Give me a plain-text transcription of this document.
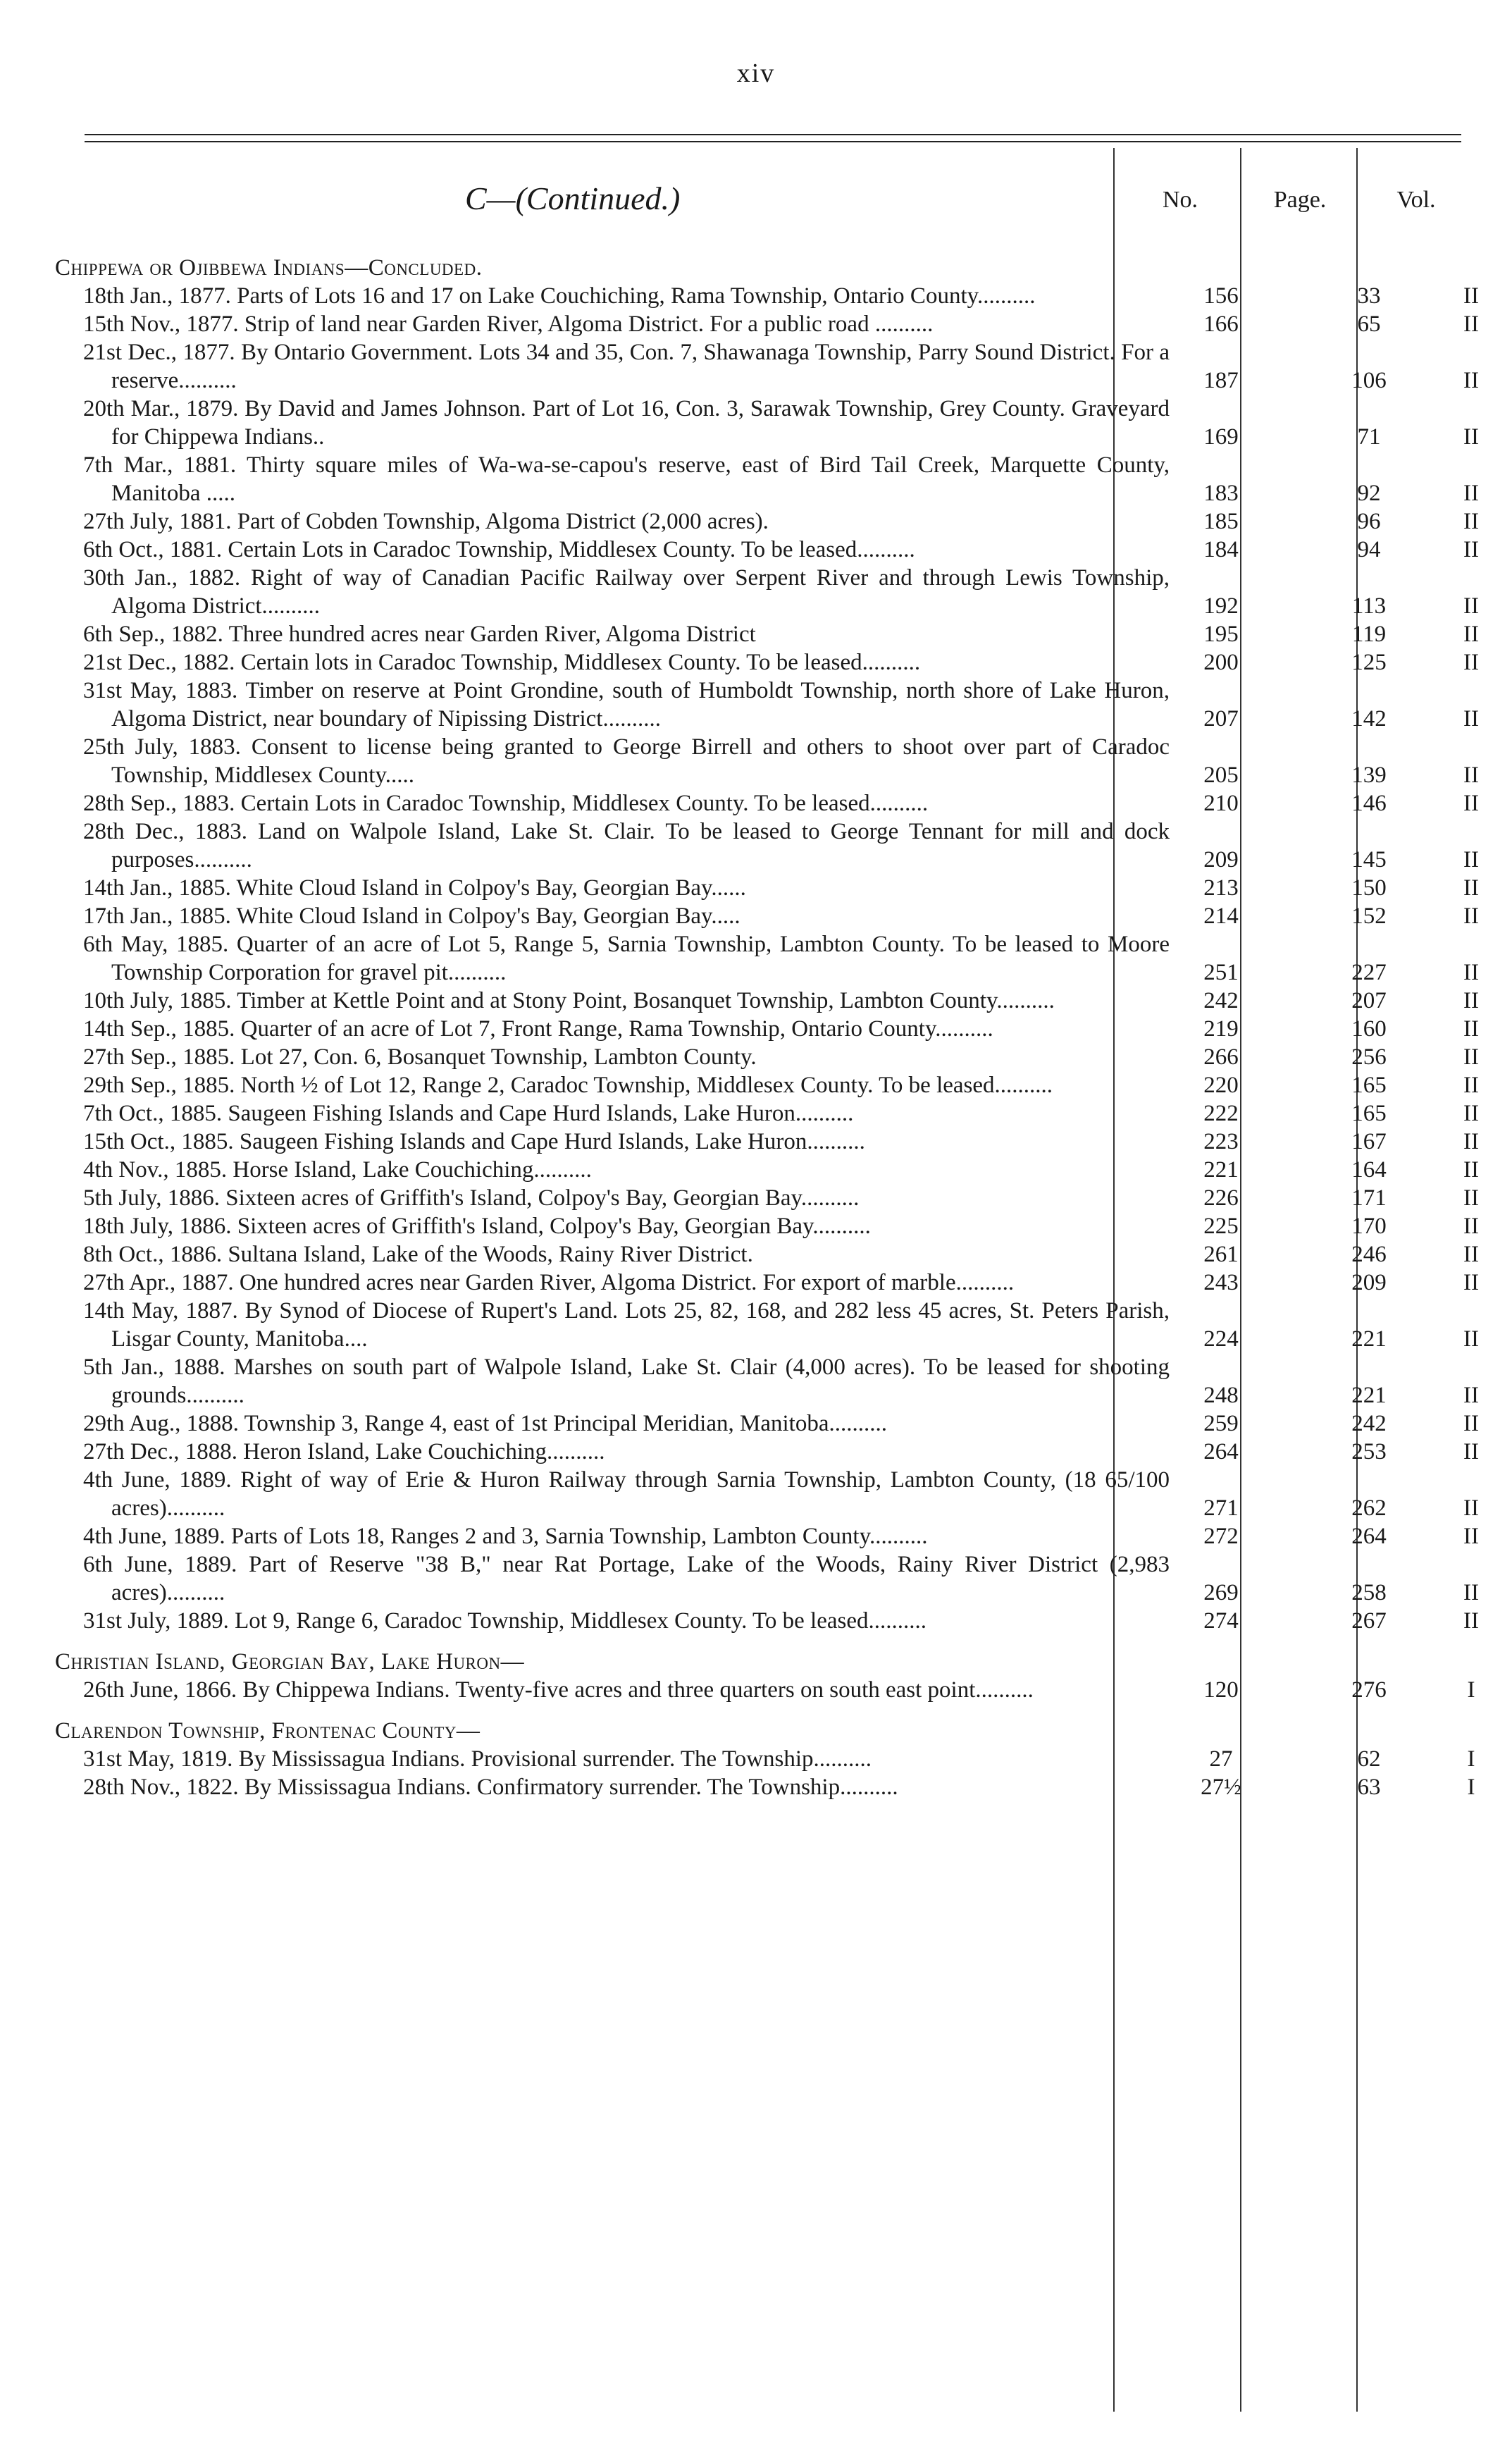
xiv
C—(Continued.)	No.	Page.	Vol.
Chippewa or Ojibbewa Indians—Concluded.
18th Jan., 1877. Parts of Lots 16 and 17 on Lake Couchiching, Rama Township, Ontario County..........	156	33	II
15th Nov., 1877. Strip of land near Garden River, Algoma District. For a public road ..........	166	65	II
21st Dec., 1877. By Ontario Government. Lots 34 and 35, Con. 7, Shawanaga Township, Parry Sound District. For a reserve..........	187	106	II
20th Mar., 1879. By David and James Johnson. Part of Lot 16, Con. 3, Sarawak Township, Grey County. Graveyard for Chippewa Indians..	169	71	II
7th Mar., 1881. Thirty square miles of Wa-wa-se-capou's reserve, east of Bird Tail Creek, Marquette County, Manitoba .....	183	92	II
27th July, 1881. Part of Cobden Township, Algoma District (2,000 acres).	185	96	II
6th Oct., 1881. Certain Lots in Caradoc Township, Middlesex County. To be leased..........	184	94	II
30th Jan., 1882. Right of way of Canadian Pacific Railway over Serpent River and through Lewis Township, Algoma District..........	192	113	II
6th Sep., 1882. Three hundred acres near Garden River, Algoma District	195	119	II
21st Dec., 1882. Certain lots in Caradoc Township, Middlesex County. To be leased..........	200	125	II
31st May, 1883. Timber on reserve at Point Grondine, south of Humboldt Township, north shore of Lake Huron, Algoma District, near boundary of Nipissing District..........	207	142	II
25th July, 1883. Consent to license being granted to George Birrell and others to shoot over part of Caradoc Township, Middlesex County.....	205	139	II
28th Sep., 1883. Certain Lots in Caradoc Township, Middlesex County. To be leased..........	210	146	II
28th Dec., 1883. Land on Walpole Island, Lake St. Clair. To be leased to George Tennant for mill and dock purposes..........	209	145	II
14th Jan., 1885. White Cloud Island in Colpoy's Bay, Georgian Bay......	213	150	II
17th Jan., 1885. White Cloud Island in Colpoy's Bay, Georgian Bay.....	214	152	II
6th May, 1885. Quarter of an acre of Lot 5, Range 5, Sarnia Township, Lambton County. To be leased to Moore Township Corporation for gravel pit..........	251	227	II
10th July, 1885. Timber at Kettle Point and at Stony Point, Bosanquet Township, Lambton County..........	242	207	II
14th Sep., 1885. Quarter of an acre of Lot 7, Front Range, Rama Township, Ontario County..........	219	160	II
27th Sep., 1885. Lot 27, Con. 6, Bosanquet Township, Lambton County.	266	256	II
29th Sep., 1885. North ½ of Lot 12, Range 2, Caradoc Township, Middlesex County. To be leased..........	220	165	II
7th Oct., 1885. Saugeen Fishing Islands and Cape Hurd Islands, Lake Huron..........	222	165	II
15th Oct., 1885. Saugeen Fishing Islands and Cape Hurd Islands, Lake Huron..........	223	167	II
4th Nov., 1885. Horse Island, Lake Couchiching..........	221	164	II
5th July, 1886. Sixteen acres of Griffith's Island, Colpoy's Bay, Georgian Bay..........	226	171	II
18th July, 1886. Sixteen acres of Griffith's Island, Colpoy's Bay, Georgian Bay..........	225	170	II
8th Oct., 1886. Sultana Island, Lake of the Woods, Rainy River District.	261	246	II
27th Apr., 1887. One hundred acres near Garden River, Algoma District. For export of marble..........	243	209	II
14th May, 1887. By Synod of Diocese of Rupert's Land. Lots 25, 82, 168, and 282 less 45 acres, St. Peters Parish, Lisgar County, Manitoba....	224	221	II
5th Jan., 1888. Marshes on south part of Walpole Island, Lake St. Clair (4,000 acres). To be leased for shooting grounds..........	248	221	II
29th Aug., 1888. Township 3, Range 4, east of 1st Principal Meridian, Manitoba..........	259	242	II
27th Dec., 1888. Heron Island, Lake Couchiching..........	264	253	II
4th June, 1889. Right of way of Erie & Huron Railway through Sarnia Township, Lambton County, (18 65/100 acres)..........	271	262	II
4th June, 1889. Parts of Lots 18, Ranges 2 and 3, Sarnia Township, Lambton County..........	272	264	II
6th June, 1889. Part of Reserve "38 B," near Rat Portage, Lake of the Woods, Rainy River District (2,983 acres)..........	269	258	II
31st July, 1889. Lot 9, Range 6, Caradoc Township, Middlesex County. To be leased..........	274	267	II
Christian Island, Georgian Bay, Lake Huron—
26th June, 1866. By Chippewa Indians. Twenty-five acres and three quarters on south east point..........	120	276	I
Clarendon Township, Frontenac County—
31st May, 1819. By Mississagua Indians. Provisional surrender. The Township..........	27	62	I
28th Nov., 1822. By Mississagua Indians. Confirmatory surrender. The Township..........	27½	63	I
